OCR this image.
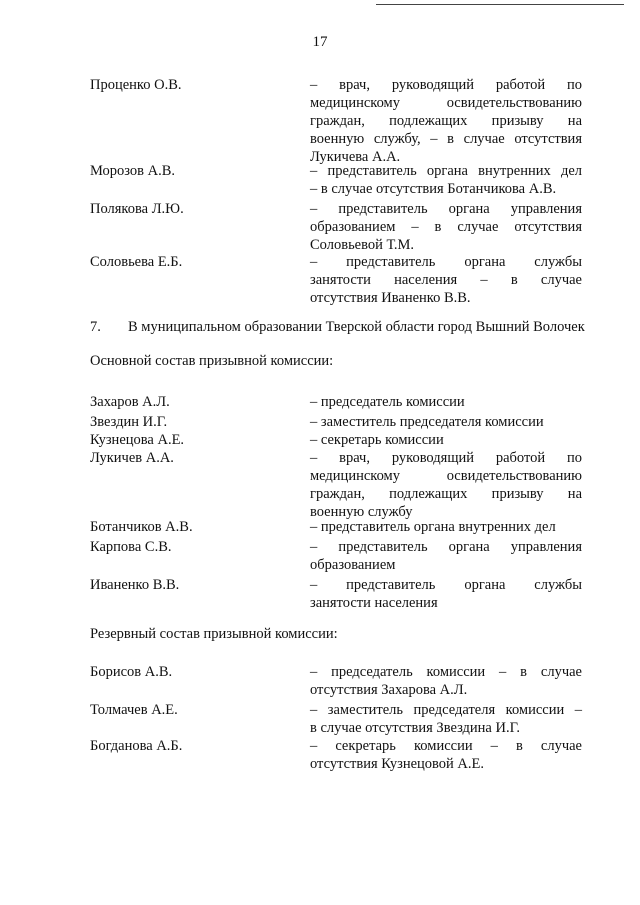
17
Проценко О.В.	– врач, руководящий работой по
медицинскому освидетельствованию
граждан, подлежащих призыву на
военную службу, – в случае отсутствия
Лукичева А.А.
Морозов А.В.	– представитель органа внутренних дел
– в случае отсутствия Ботанчикова А.В.
Полякова Л.Ю.	– представитель органа управления
образованием – в случае отсутствия
Соловьевой Т.М.
Соловьева Е.Б.	– представитель органа службы
занятости населения – в случае
отсутствия Иваненко В.В.
7. В муниципальном образовании Тверской области город Вышний Волочек
Основной состав призывной комиссии:
Захаров А.Л.	– председатель комиссии
Звездин И.Г.	– заместитель председателя комиссии
Кузнецова А.Е.	– секретарь комиссии
Лукичев А.А.	– врач, руководящий работой по
медицинскому освидетельствованию
граждан, подлежащих призыву на
военную службу
Ботанчиков А.В.	– представитель органа внутренних дел
Карпова С.В.	– представитель органа управления
образованием
Иваненко В.В.	– представитель органа службы
занятости населения
Резервный состав призывной комиссии:
Борисов А.В.	– председатель комиссии – в случае
отсутствия Захарова А.Л.
Толмачев А.Е.	– заместитель председателя комиссии –
в случае отсутствия Звездина И.Г.
Богданова А.Б.	– секретарь комиссии – в случае
отсутствия Кузнецовой А.Е.
